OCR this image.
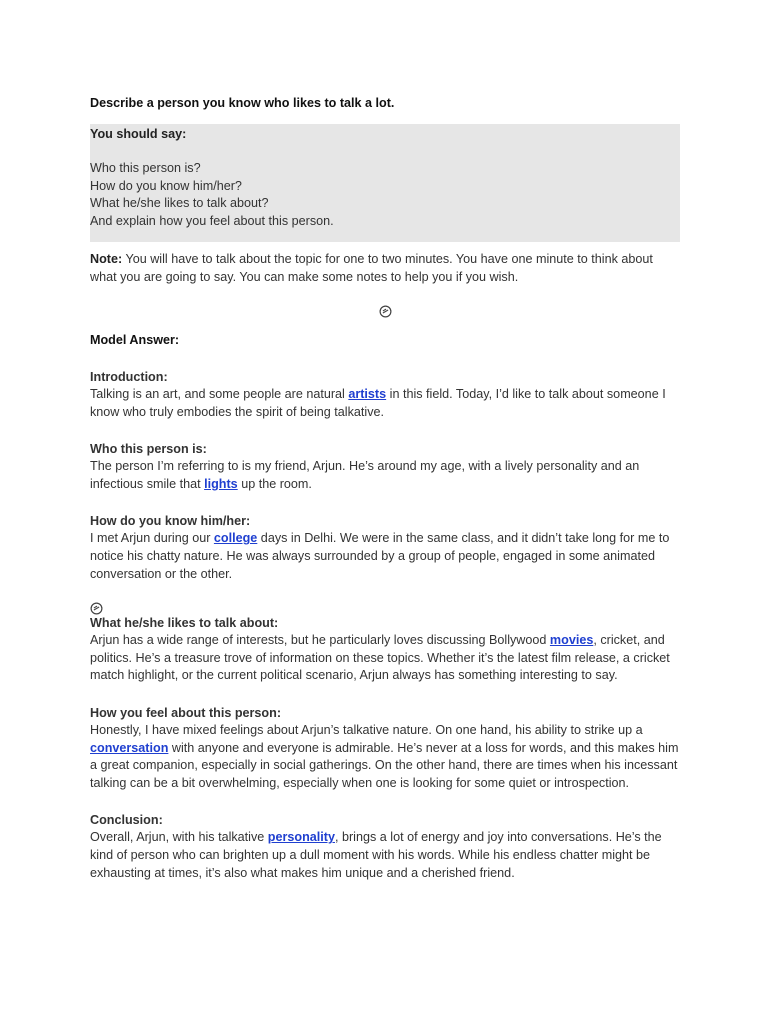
Describe a person you know who likes to talk a lot.

You should say:
Who this person is?
How do you know him/her?
What he/she likes to talk about?
And explain how you feel about this person.
Note: You will have to talk about the topic for one to two minutes. You have one minute to think about what you are going to say. You can make some notes to help you if you wish.
Model Answer:
Introduction:

Talking is an art, and some people are natural artists in this field. Today, I’d like to talk about someone I know who truly embodies the spirit of being talkative.

Who this person is:

The person I’m referring to is my friend, Arjun. He’s around my age, with a lively personality and an infectious smile that lights up the room.

How do you know him/her:

I met Arjun during our college days in Delhi. We were in the same class, and it didn’t take long for me to notice his chatty nature. He was always surrounded by a group of people, engaged in some animated conversation or the other.

What he/she likes to talk about:

Arjun has a wide range of interests, but he particularly loves discussing Bollywood movies, cricket, and politics. He’s a treasure trove of information on these topics. Whether it’s the latest film release, a cricket match highlight, or the current political scenario, Arjun always has something interesting to say.

How you feel about this person:

Honestly, I have mixed feelings about Arjun’s talkative nature. On one hand, his ability to strike up a conversation with anyone and everyone is admirable. He’s never at a loss for words, and this makes him a great companion, especially in social gatherings. On the other hand, there are times when his incessant talking can be a bit overwhelming, especially when one is looking for some quiet or introspection.

Conclusion:

Overall, Arjun, with his talkative personality, brings a lot of energy and joy into conversations. He’s the kind of person who can brighten up a dull moment with his words. While his endless chatter might be exhausting at times, it’s also what makes him unique and a cherished friend.
